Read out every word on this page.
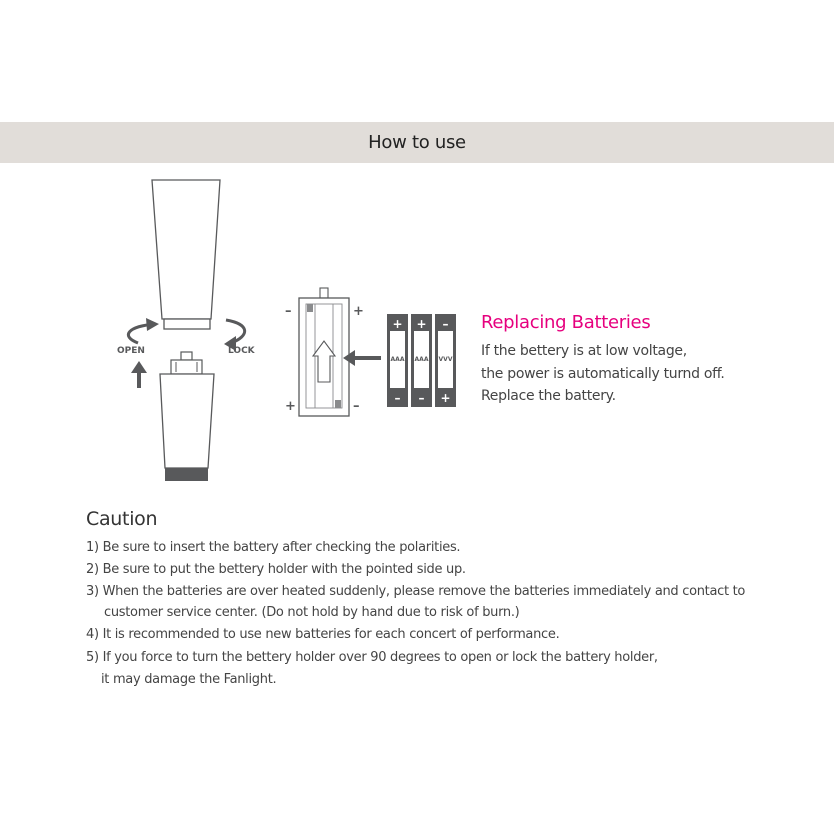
How to use
OPEN	LOCK
–	+
+	–
+
–
AAA
+
–
AAA
–
+
VVV
Replacing Batteries
If the bettery is at low voltage,
the power is automatically turnd off.
Replace the battery.
Caution
1) Be sure to insert the battery after checking the polarities.
2) Be sure to put the bettery holder with the pointed side up.
3) When the batteries are over heated suddenly, please remove the batteries immediately and contact to
customer service center. (Do not hold by hand due to risk of burn.)
4) It is recommended to use new batteries for each concert of performance.
5) If you force to turn the bettery holder over 90 degrees to open or lock the battery holder,
it may damage the Fanlight.
